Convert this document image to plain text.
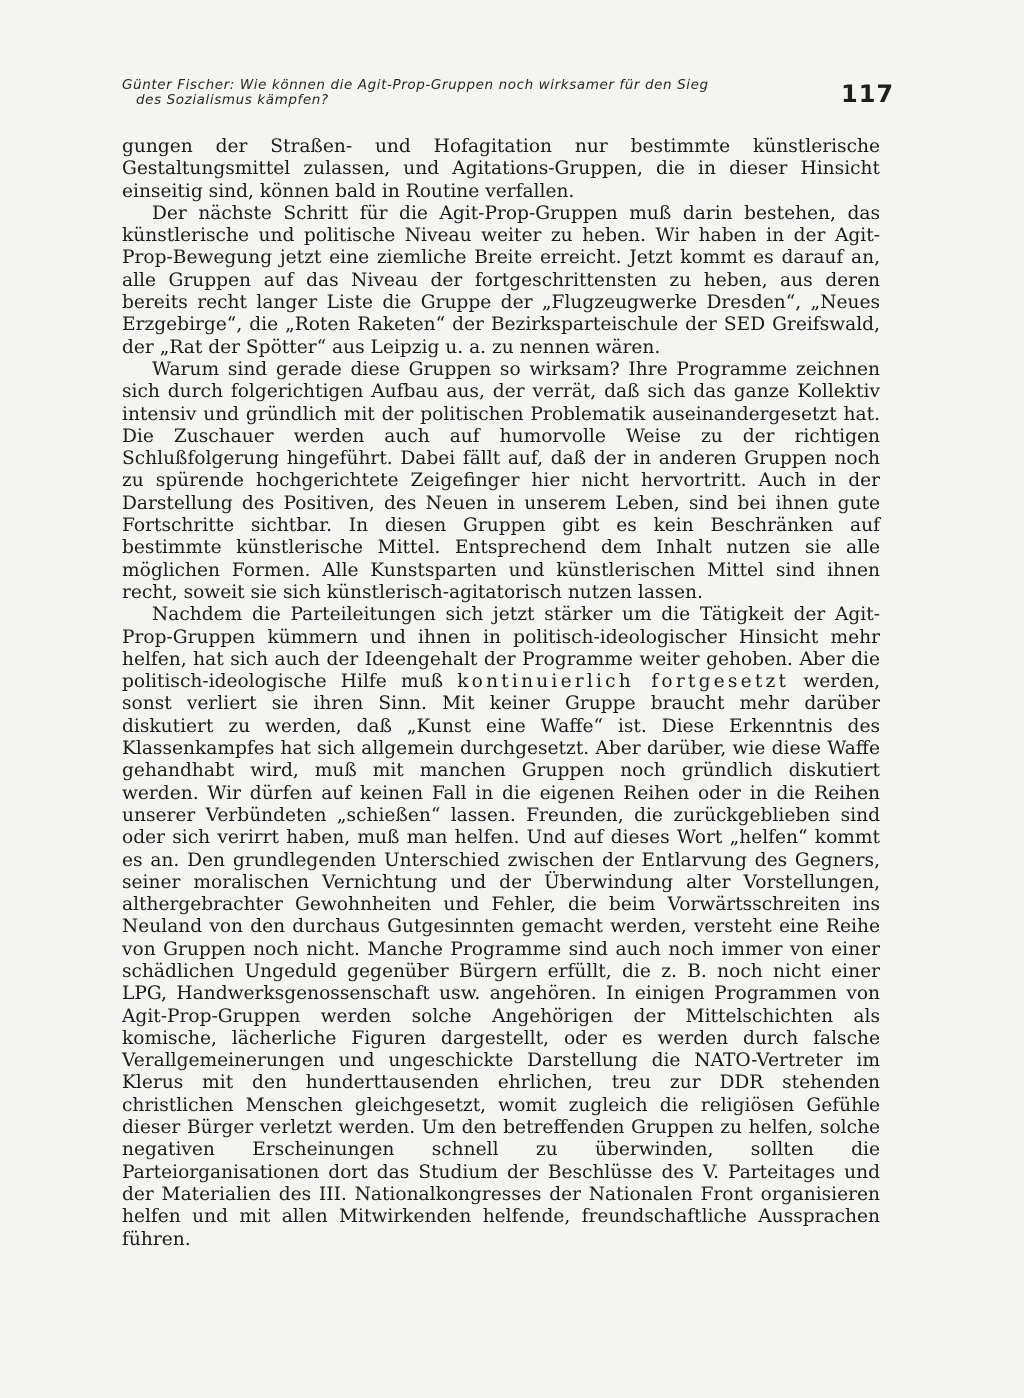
Günter Fischer: Wie können die Agit-Prop-Gruppen noch wirksamer für den Sieg
des Sozialismus kämpfen?	117

gungen der Straßen- und Hofagitation nur bestimmte künstlerische Gestaltungsmittel zulassen, und Agitations-Gruppen, die in dieser Hinsicht einseitig sind, können bald in Routine verfallen.

Der nächste Schritt für die Agit-Prop-Gruppen muß darin bestehen, das künstlerische und politische Niveau weiter zu heben. Wir haben in der Agit-Prop-Bewegung jetzt eine ziemliche Breite erreicht. Jetzt kommt es darauf an, alle Gruppen auf das Niveau der fortgeschrittensten zu heben, aus deren bereits recht langer Liste die Gruppe der „Flugzeugwerke Dresden“, „Neues Erzgebirge“, die „Roten Raketen“ der Bezirksparteischule der SED Greifswald, der „Rat der Spötter“ aus Leipzig u. a. zu nennen wären.

Warum sind gerade diese Gruppen so wirksam? Ihre Programme zeichnen sich durch folgerichtigen Aufbau aus, der verrät, daß sich das ganze Kollektiv intensiv und gründlich mit der politischen Problematik auseinandergesetzt hat. Die Zuschauer werden auch auf humorvolle Weise zu der richtigen Schlußfolgerung hingeführt. Dabei fällt auf, daß der in anderen Gruppen noch zu spürende hochgerichtete Zeigefinger hier nicht hervortritt. Auch in der Darstellung des Positiven, des Neuen in unserem Leben, sind bei ihnen gute Fortschritte sichtbar. In diesen Gruppen gibt es kein Beschränken auf bestimmte künstlerische Mittel. Entsprechend dem Inhalt nutzen sie alle möglichen Formen. Alle Kunstsparten und künstlerischen Mittel sind ihnen recht, soweit sie sich künstlerisch-agitatorisch nutzen lassen.

Nachdem die Parteileitungen sich jetzt stärker um die Tätigkeit der Agit-Prop-Gruppen kümmern und ihnen in politisch-ideologischer Hinsicht mehr helfen, hat sich auch der Ideengehalt der Programme weiter gehoben. Aber die politisch-ideologische Hilfe muß kontinuierlich fortgesetzt werden, sonst verliert sie ihren Sinn. Mit keiner Gruppe braucht mehr darüber diskutiert zu werden, daß „Kunst eine Waffe“ ist. Diese Erkenntnis des Klassenkampfes hat sich allgemein durchgesetzt. Aber darüber, wie diese Waffe gehandhabt wird, muß mit manchen Gruppen noch gründlich diskutiert werden. Wir dürfen auf keinen Fall in die eigenen Reihen oder in die Reihen unserer Verbündeten „schießen“ lassen. Freunden, die zurückgeblieben sind oder sich verirrt haben, muß man helfen. Und auf dieses Wort „helfen“ kommt es an. Den grundlegenden Unterschied zwischen der Entlarvung des Gegners, seiner moralischen Vernichtung und der Überwindung alter Vorstellungen, althergebrachter Gewohnheiten und Fehler, die beim Vorwärtsschreiten ins Neuland von den durchaus Gutgesinnten gemacht werden, versteht eine Reihe von Gruppen noch nicht. Manche Programme sind auch noch immer von einer schädlichen Ungeduld gegenüber Bürgern erfüllt, die z. B. noch nicht einer LPG, Handwerksgenossenschaft usw. angehören. In einigen Programmen von Agit-Prop-Gruppen werden solche Angehörigen der Mittelschichten als komische, lächerliche Figuren dargestellt, oder es werden durch falsche Verallgemeinerungen und ungeschickte Darstellung die NATO-Vertreter im Klerus mit den hunderttausenden ehrlichen, treu zur DDR stehenden christlichen Menschen gleichgesetzt, womit zugleich die religiösen Gefühle dieser Bürger verletzt werden. Um den betreffenden Gruppen zu helfen, solche negativen Erscheinungen schnell zu überwinden, sollten die Parteiorganisationen dort das Studium der Beschlüsse des V. Parteitages und der Materialien des III. Nationalkongresses der Nationalen Front organisieren helfen und mit allen Mitwirkenden helfende, freundschaftliche Aussprachen führen.
